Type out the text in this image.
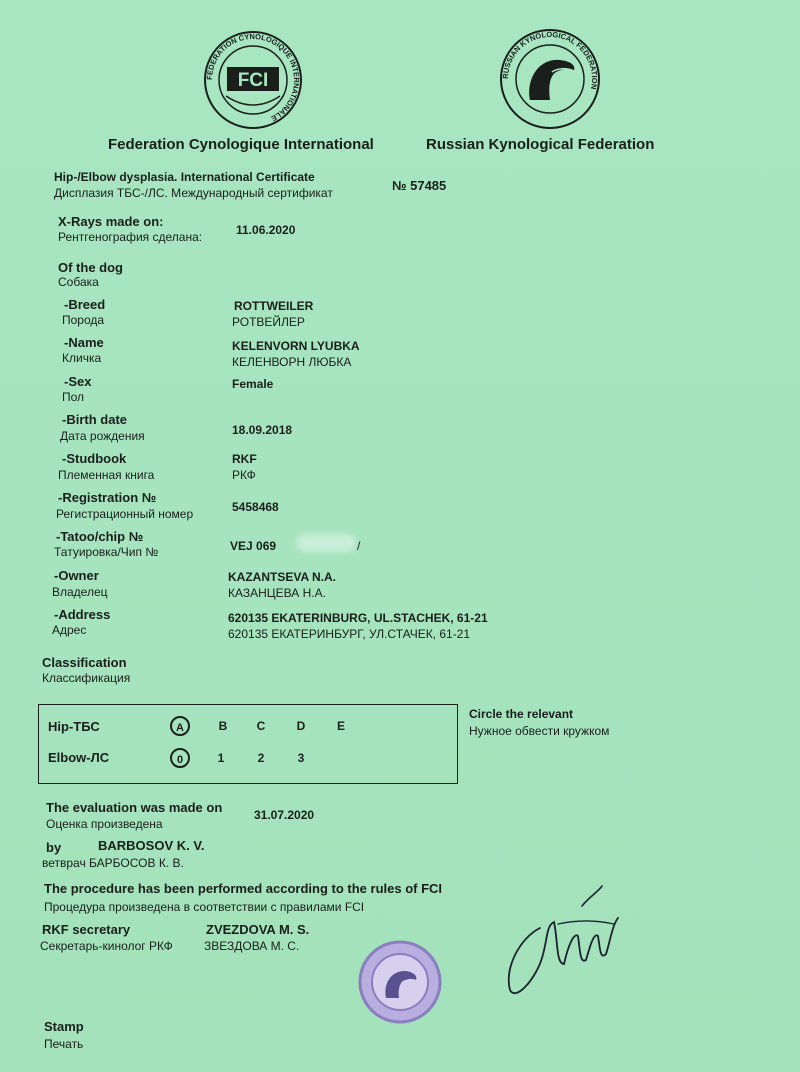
FEDERATION CYNOLOGIQUE INTERNATIONALE
FCI	RUSSIAN KYNOLOGICAL FEDERATION
Federation Cynologique International	Russian Kynological Federation
Hip-/Elbow dysplasia. International Certificate
Дисплазия ТБС-/ЛС. Международный сертификат	№ 57485
X-Rays made on:
Рентгенография сделана:	11.06.2020
Of the dog
Собака
-Breed
Порода
ROTTWEILER
РОТВЕЙЛЕР
-Name
Кличка
KELENVORN LYUBKA
КЕЛЕНВОРН ЛЮБКА
-Sex
Пол
Female
-Birth date
Дата рождения	18.09.2018
-Studbook
Племенная книга
RKF
РКФ
-Registration №
Регистрационный номер	5458468
-Tatoo/chip №
Татуировка/Чип №	VEJ 069	/
-Owner
Владелец
KAZANTSEVA N.A.
КАЗАНЦЕВА Н.А.
-Address
Адрес
620135 EKATERINBURG, UL.STACHEK, 61-21
620135 ЕКАТЕРИНБУРГ, УЛ.СТАЧЕК, 61-21
Classification
Классификация
Hip-ТБС	A	B	C	D	E
Elbow-ЛС	0	1	2	3
Circle the relevant
Нужное обвести кружком
The evaluation was made on
Оценка произведена
31.07.2020
by	BARBOSOV K. V.
ветврач БАРБОСОВ К. В.
The procedure has been performed according to the rules of FCI
Процедура произведена в соответствии с правилами FCI
RKF secretary	ZVEZDOVA M. S.
Секретарь-кинолог РКФ	ЗВЕЗДОВА М. С.
Stamp
Печать
